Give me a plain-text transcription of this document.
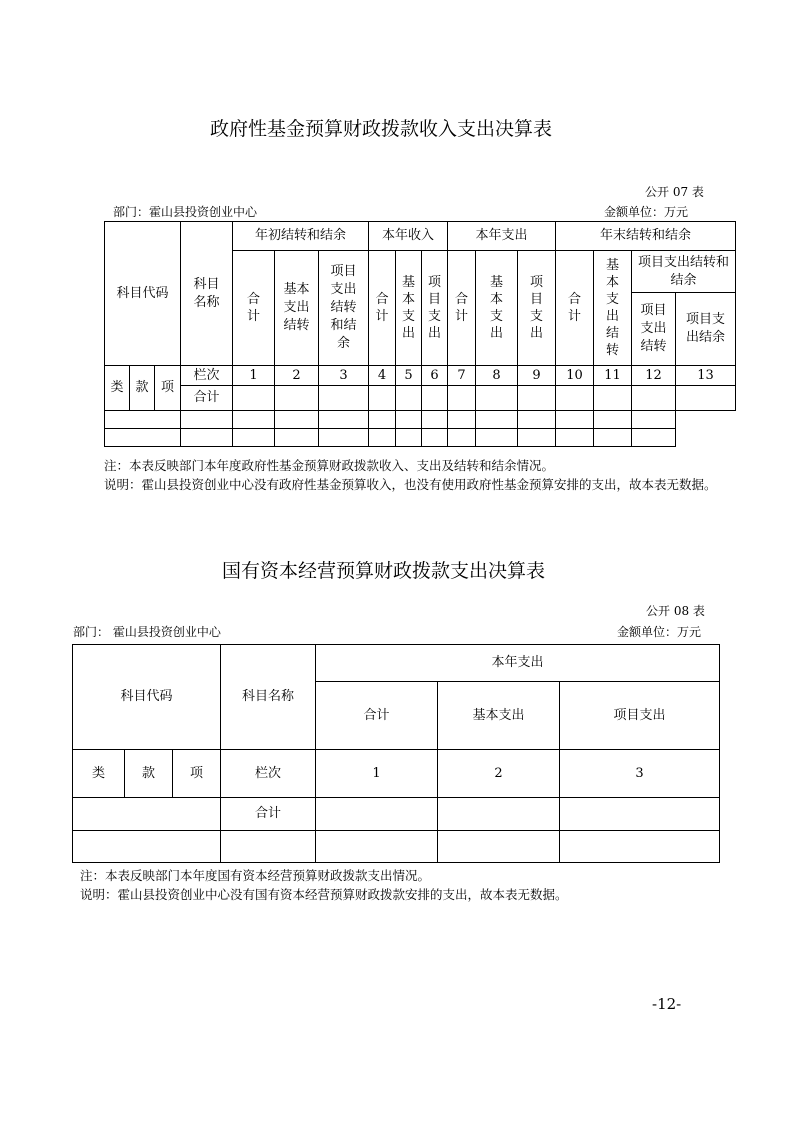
政府性基金预算财政拨款收入支出决算表
公开 07 表
部门：霍山县投资创业中心	金额单位：万元
科目代码			科目名称	年初结转和结余			本年收入			本年支出			年末结转和结余			
				合计	基本支出结转	项目支出结转和结余	合计	基本支出	项目支出	合计	基本支出	项目支出	合计	基本支出结转	项目支出结转和结余	
															项目支出结转	项目支出结余
类	款	项	栏次	1	2	3	4	5	6	7	8	9	10	11	12	13
			合计													

注：本表反映部门本年度政府性基金预算财政拨款收入、支出及结转和结余情况。
说明：霍山县投资创业中心没有政府性基金预算收入，也没有使用政府性基金预算安排的支出，故本表无数据。
国有资本经营预算财政拨款支出决算表
公开 08 表
部门： 霍山县投资创业中心	金额单位：万元
科目代码			科目名称	本年支出		
				合计	基本支出	项目支出
类	款	项	栏次	1	2	3
			合计			

注：本表反映部门本年度国有资本经营预算财政拨款支出情况。
说明：霍山县投资创业中心没有国有资本经营预算财政拨款安排的支出，故本表无数据。
-12-
